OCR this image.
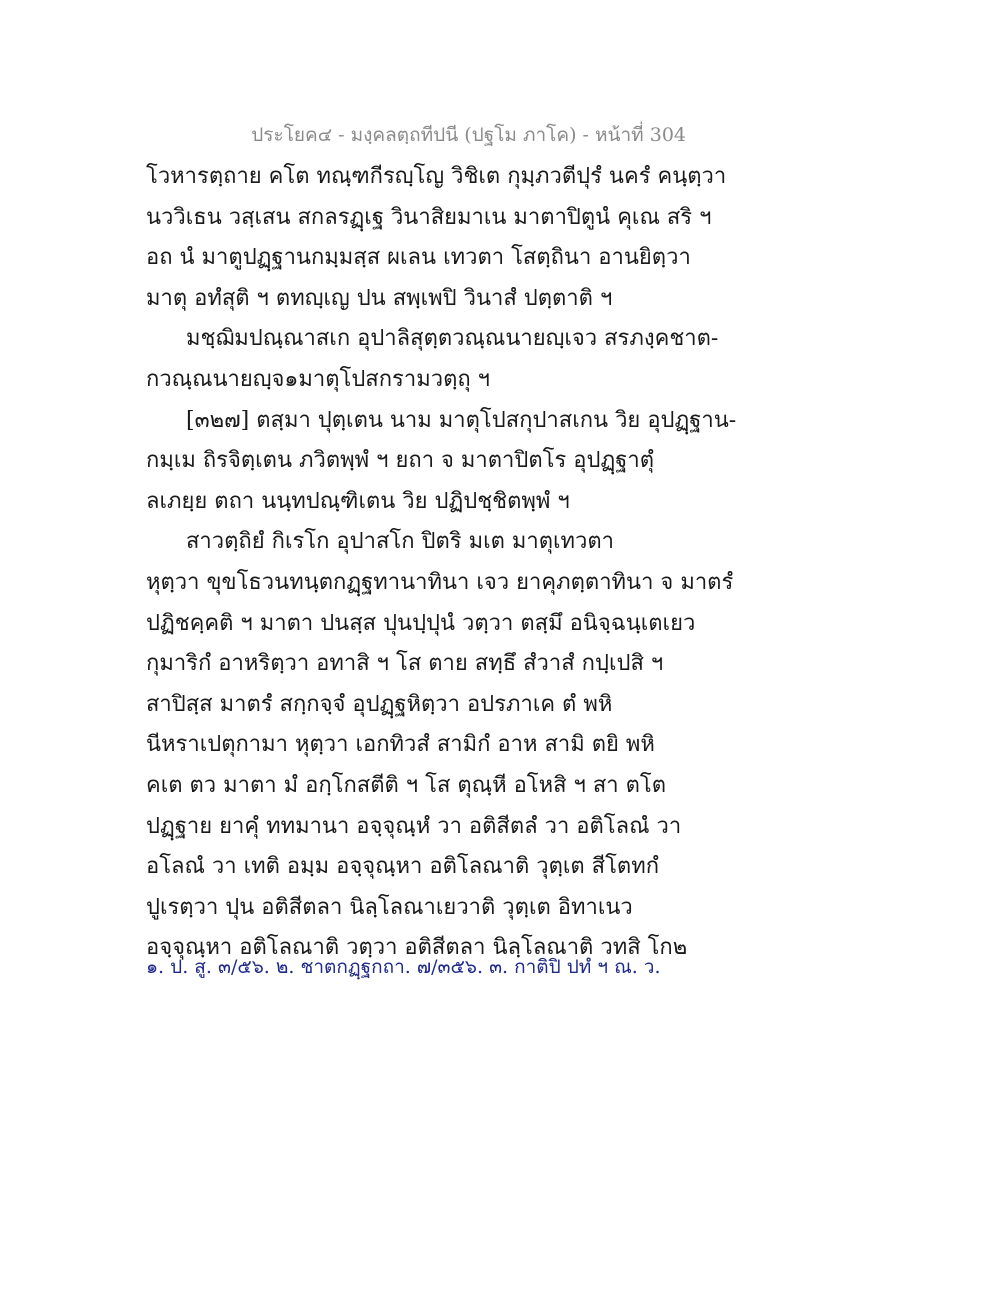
ประโยค๔ - มงฺคลตฺถทีปนี (ปฐโม ภาโค) - หน้าที่ 304
โวหารตฺถาย คโต ทณฺฑกีรญฺโญ วิชิเต กุมฺภวตีปุรํ นครํ คนฺตฺวา
นววิเธน วสฺเสน สกลรฏฺเฐ วินาสิยมาเน มาตาปิตูนํ คุเณ สริ ฯ
อถ นํ มาตูปฏฺฐานกมฺมสฺส ผเลน เทวตา โสตฺถินา อานยิตฺวา
มาตุ อทํสุติ ฯ ตทญฺเญ ปน สพฺเพปิ วินาสํ ปตฺตาติ ฯ
มชฺฌิมปณฺณาสเก อุปาลิสุตฺตวณฺณนายญฺเจว สรภงฺคชาต-
กวณฺณนายญฺจ๑มาตุโปสกรามวตฺถุ ฯ
[๓๒๗] ตสฺมา ปุตฺเตน นาม มาตุโปสกุปาสเกน วิย อุปฏฺฐาน-
กมฺเม ถิรจิตฺเตน ภวิตพฺพํ ฯ ยถา จ มาตาปิตโร อุปฏฺฐาตุํ
ลเภยฺย ตถา นนฺทปณฺฑิเตน วิย ปฏิปชฺชิตพฺพํ ฯ
สาวตฺถิยํ กิเรโก อุปาสโก ปิตริ มเต มาตุเทวตา
หุตฺวา ขุขโธวนทนฺตกฏฺฐทานาทินา เจว ยาคุภตฺตาทินา จ มาตรํ
ปฏิชคฺคติ ฯ มาตา ปนสฺส ปุนปฺปุนํ วตฺวา ตสฺมึ อนิจฺฉนฺเตเยว
กุมาริกํ อาหริตฺวา อทาสิ ฯ โส ตาย สทฺธึ สํวาสํ กปฺเปสิ ฯ
สาปิสฺส มาตรํ สกฺกจฺจํ อุปฏฺฐหิตฺวา อปรภาเค ตํ พหิ
นีหราเปตุกามา หุตฺวา เอกทิวสํ สามิกํ อาห สามิ ตยิ พหิ
คเต ตว มาตา มํ อกฺโกสตีติ ฯ โส ตุณฺหี อโหสิ ฯ สา ตโต
ปฏฺฐาย ยาคุํ ททมานา อจฺจุณฺหํ วา อติสีตลํ วา อติโลณํ วา
อโลณํ วา เทติ อมฺม อจฺจุณฺหา อติโลณาติ วุตฺเต สีโตทกํ
ปูเรตฺวา ปุน อติสีตลา นิลฺโลณาเยวาติ วุตฺเต อิทาเนว
อจฺจุณฺหา อติโลณาติ วตฺวา อติสีตลา นิลฺโลณาติ วทสิ โก๒
๑. ป. สู. ๓/๕๖. ๒. ชาตกฏฺฐกถา. ๗/๓๕๖. ๓. กาติปิ ปทํ ฯ ณ. ว.
